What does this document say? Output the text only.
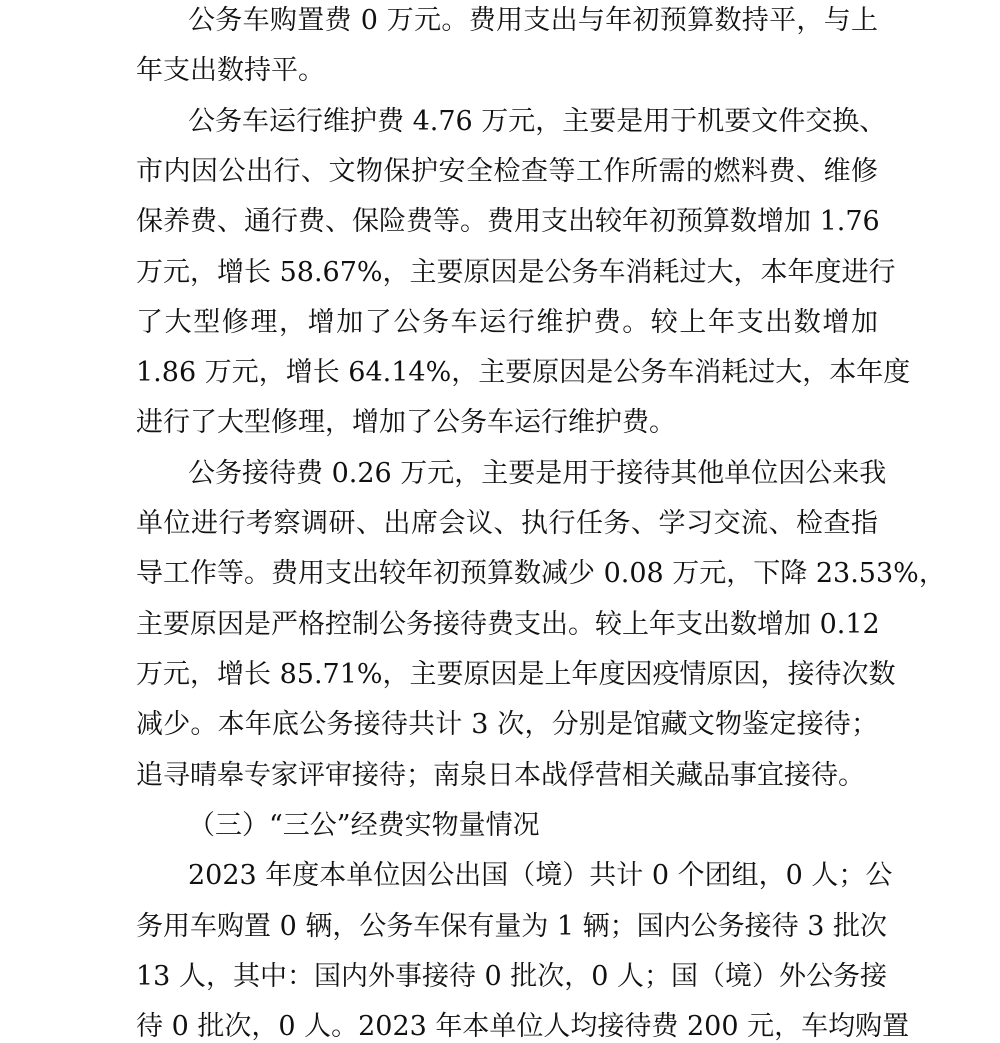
公务车购置费 0 万元。费用支出与年初预算数持平，与上
年支出数持平。
公务车运行维护费 4.76 万元，主要是用于机要文件交换、
市内因公出行、文物保护安全检查等工作所需的燃料费、维修
保养费、通行费、保险费等。费用支出较年初预算数增加 1.76
万元，增长 58.67%，主要原因是公务车消耗过大，本年度进行
了大型修理，增加了公务车运行维护费。较上年支出数增加
1.86 万元，增长 64.14%，主要原因是公务车消耗过大，本年度
进行了大型修理，增加了公务车运行维护费。
公务接待费 0.26 万元，主要是用于接待其他单位因公来我
单位进行考察调研、出席会议、执行任务、学习交流、检查指
导工作等。费用支出较年初预算数减少 0.08 万元，下降 23.53%，
主要原因是严格控制公务接待费支出。较上年支出数增加 0.12
万元，增长 85.71%，主要原因是上年度因疫情原因，接待次数
减少。本年底公务接待共计 3 次，分别是馆藏文物鉴定接待；
追寻晴皋专家评审接待；南泉日本战俘营相关藏品事宜接待。
（三）“三公”经费实物量情况
2023 年度本单位因公出国（境）共计 0 个团组，0 人；公
务用车购置 0 辆，公务车保有量为 1 辆；国内公务接待 3 批次
13 人，其中：国内外事接待 0 批次，0 人；国（境）外公务接
待 0 批次，0 人。2023 年本单位人均接待费 200 元，车均购置
